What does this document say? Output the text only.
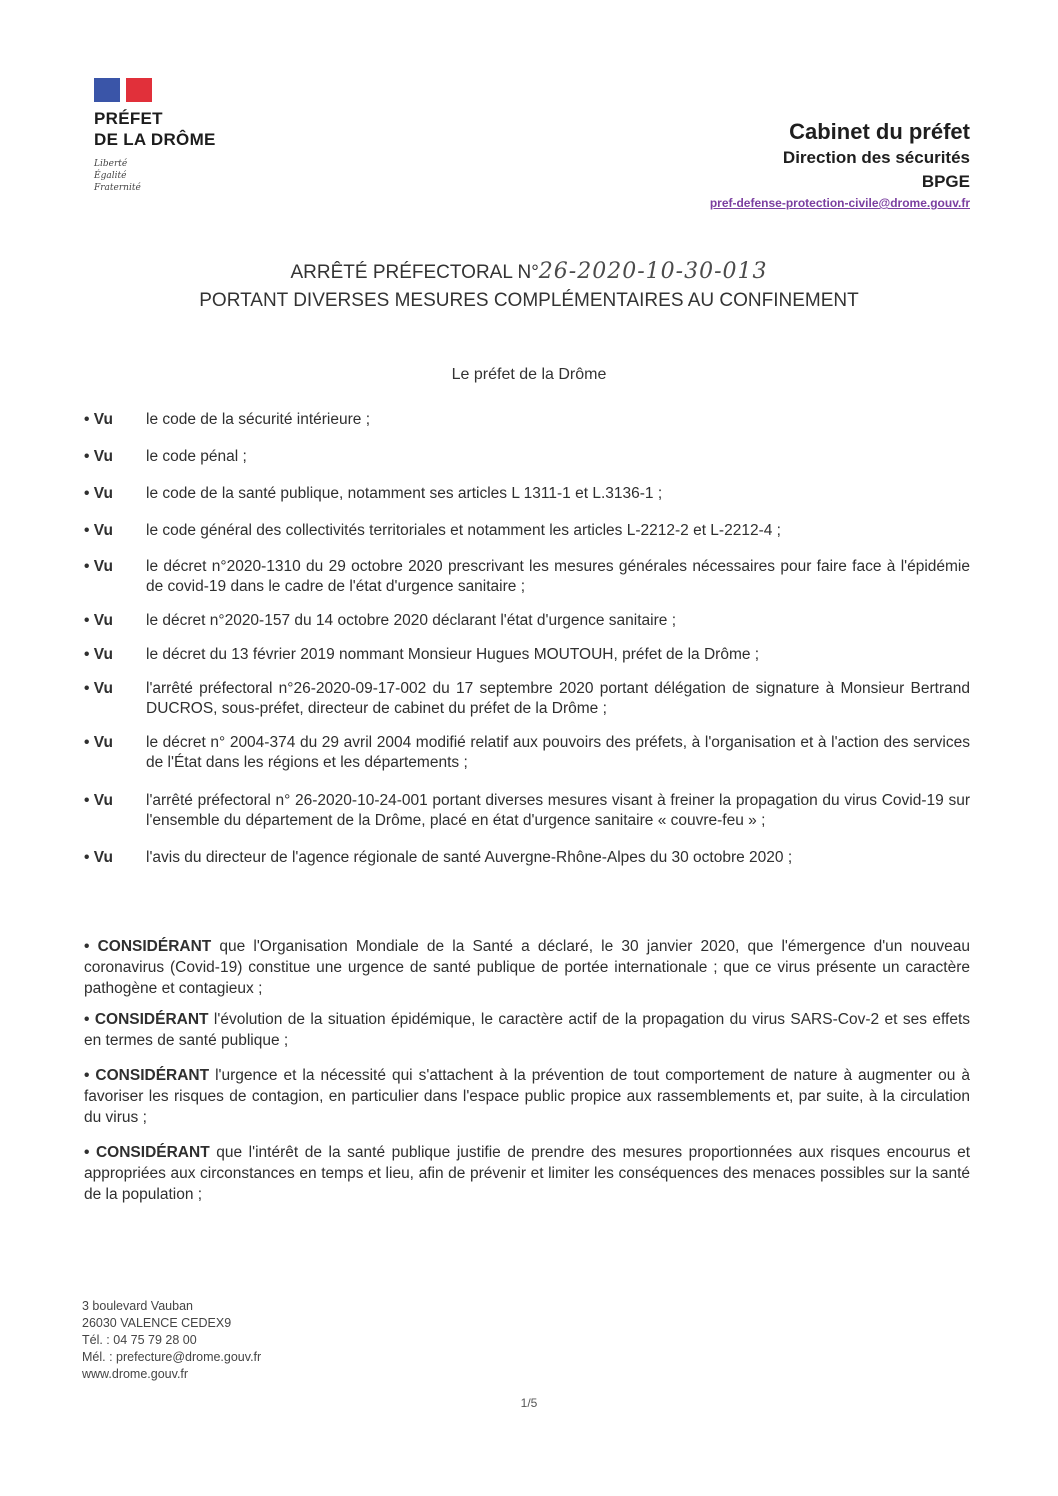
PRÉFET
DE LA DRÔME
Liberté
Égalité
Fraternité
Cabinet du préfet
Direction des sécurités
BPGE
pref-defense-protection-civile@drome.gouv.fr
ARRÊTÉ PRÉFECTORAL N°26-2020-10-30-013
PORTANT DIVERSES MESURES COMPLÉMENTAIRES AU CONFINEMENT
Le préfet de la Drôme
• Vu	le code de la sécurité intérieure ;
• Vu	le code pénal ;
• Vu	le code de la santé publique, notamment ses articles L 1311-1 et L.3136-1 ;
• Vu	le code général des collectivités territoriales et notamment les articles L-2212-2 et L-2212-4 ;
• Vu	le décret n°2020-1310 du 29 octobre 2020 prescrivant les mesures générales nécessaires pour faire face à l'épidémie de covid-19 dans le cadre de l'état d'urgence sanitaire ;
• Vu	le décret n°2020-157 du 14 octobre 2020 déclarant l'état d'urgence sanitaire ;
• Vu	le décret du 13 février 2019 nommant Monsieur Hugues MOUTOUH, préfet de la Drôme ;
• Vu	l'arrêté préfectoral n°26-2020-09-17-002 du 17 septembre 2020 portant délégation de signature à Monsieur Bertrand DUCROS, sous-préfet, directeur de cabinet du préfet de la Drôme ;
• Vu	le décret n° 2004-374 du 29 avril 2004 modifié relatif aux pouvoirs des préfets, à l'organisation et à l'action des services de l'État dans les régions et les départements ;
• Vu	l'arrêté préfectoral n° 26-2020-10-24-001 portant diverses mesures visant à freiner la propagation du virus Covid-19 sur l'ensemble du département de la Drôme, placé en état d'urgence sanitaire « couvre-feu » ;
• Vu	l'avis du directeur de l'agence régionale de santé Auvergne-Rhône-Alpes du 30 octobre 2020 ;
• CONSIDÉRANT que l'Organisation Mondiale de la Santé a déclaré, le 30 janvier 2020, que l'émergence d'un nouveau coronavirus (Covid-19) constitue une urgence de santé publique de portée internationale ; que ce virus présente un caractère pathogène et contagieux ;
• CONSIDÉRANT l'évolution de la situation épidémique, le caractère actif de la propagation du virus SARS-Cov-2 et ses effets en termes de santé publique ;
• CONSIDÉRANT l'urgence et la nécessité qui s'attachent à la prévention de tout comportement de nature à augmenter ou à favoriser les risques de contagion, en particulier dans l'espace public propice aux rassemblements et, par suite, à la circulation du virus ;
• CONSIDÉRANT que l'intérêt de la santé publique justifie de prendre des mesures proportionnées aux risques encourus et appropriées aux circonstances en temps et lieu, afin de prévenir et limiter les conséquences des menaces possibles sur la santé de la population ;
3 boulevard Vauban
26030 VALENCE CEDEX9
Tél. : 04 75 79 28 00
Mél. : prefecture@drome.gouv.fr
www.drome.gouv.fr
1/5
